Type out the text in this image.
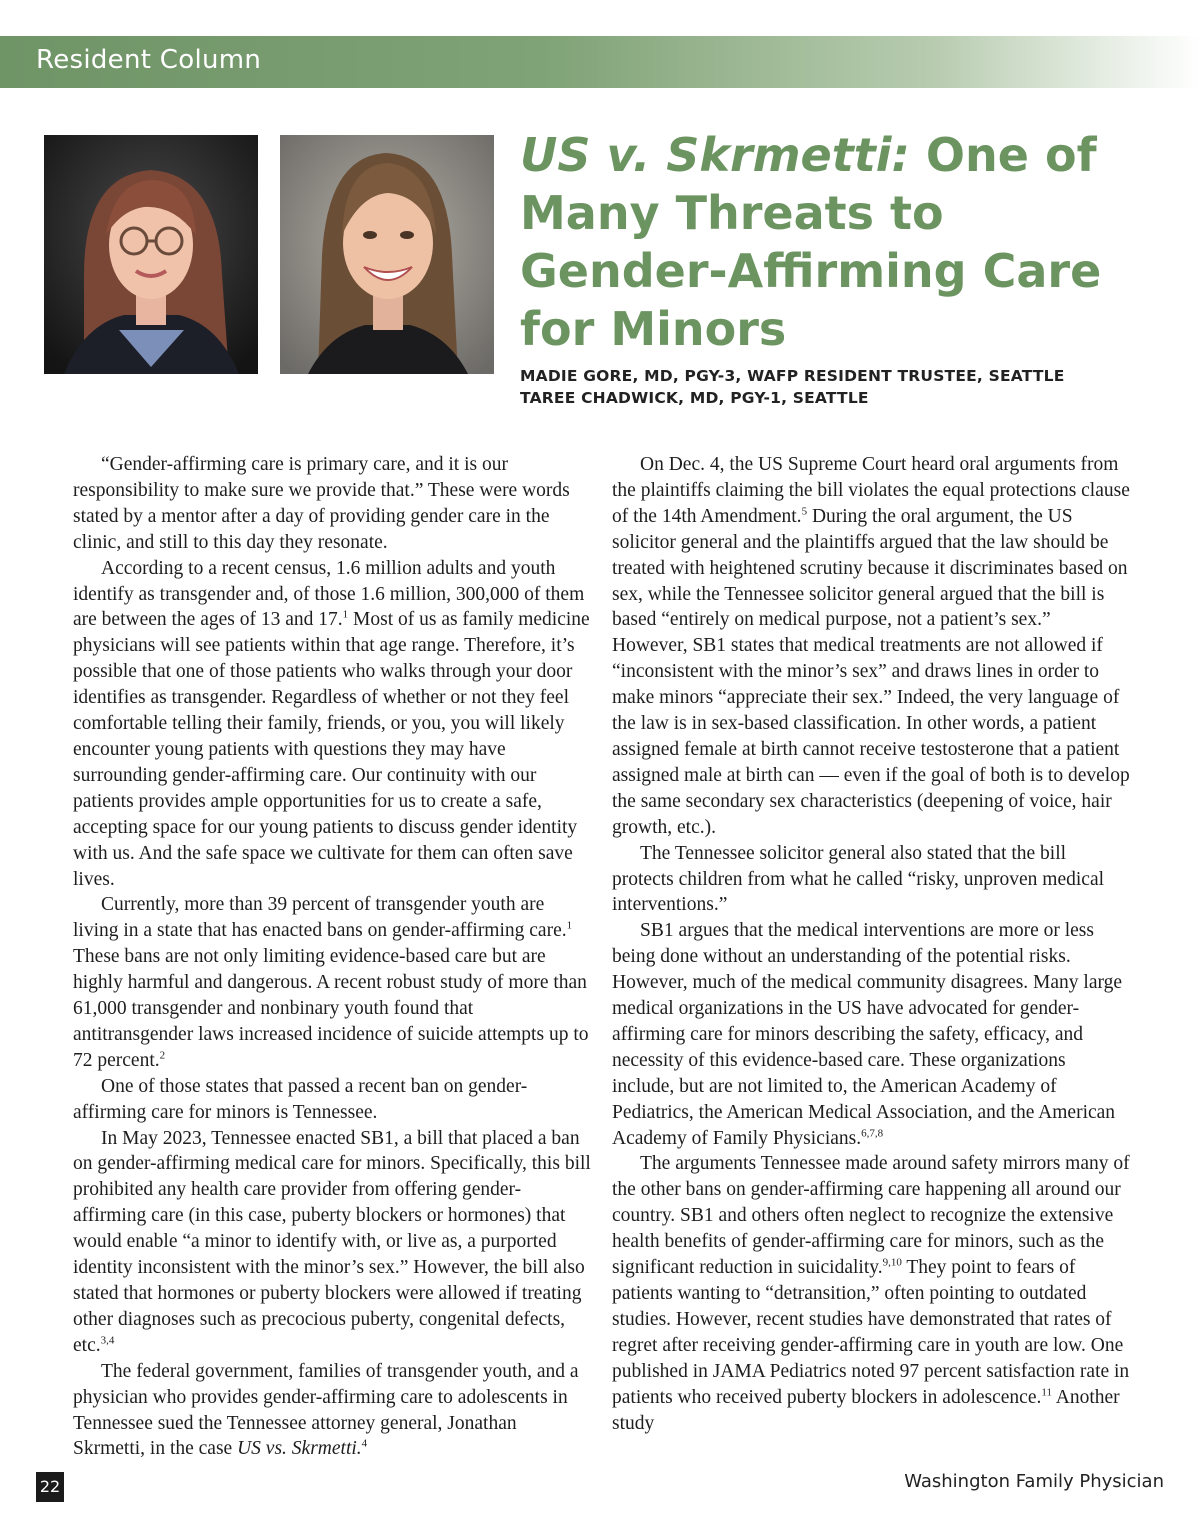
Resident Column
US v. Skrmetti: One of Many Threats to Gender-Affirming Care for Minors
MADIE GORE, MD, PGY-3, WAFP RESIDENT TRUSTEE, SEATTLE
TAREE CHADWICK, MD, PGY-1, SEATTLE

“Gender-affirming care is primary care, and it is our responsibility to make sure we provide that.” These were words stated by a mentor after a day of providing gender care in the clinic, and still to this day they resonate.

According to a recent census, 1.6 million adults and youth identify as transgender and, of those 1.6 million, 300,000 of them are between the ages of 13 and 17.$^1$ Most of us as family medicine physicians will see patients within that age range. Therefore, it’s possible that one of those patients who walks through your door identifies as transgender. Regardless of whether or not they feel comfortable telling their family, friends, or you, you will likely encounter young patients with questions they may have surrounding gender-affirming care. Our continuity with our patients provides ample opportunities for us to create a safe, accepting space for our young patients to discuss gender identity with us. And the safe space we cultivate for them can often save lives.

Currently, more than 39 percent of transgender youth are living in a state that has enacted bans on gender-affirming care.$^1$ These bans are not only limiting evidence-based care but are highly harmful and dangerous. A recent robust study of more than 61,000 transgender and nonbinary youth found that antitransgender laws increased incidence of suicide attempts up to 72 percent.$^2$

One of those states that passed a recent ban on gender-affirming care for minors is Tennessee.

In May 2023, Tennessee enacted SB1, a bill that placed a ban on gender-affirming medical care for minors. Specifically, this bill prohibited any health care provider from offering gender-affirming care (in this case, puberty blockers or hormones) that would enable “a minor to identify with, or live as, a purported identity inconsistent with the minor’s sex.” However, the bill also stated that hormones or puberty blockers were allowed if treating other diagnoses such as precocious puberty, congenital defects, etc.$^{3,4}$

The federal government, families of transgender youth, and a physician who provides gender-affirming care to adolescents in Tennessee sued the Tennessee attorney general, Jonathan Skrmetti, in the case US vs. Skrmetti.$^4$

On Dec. 4, the US Supreme Court heard oral arguments from the plaintiffs claiming the bill violates the equal protections clause of the 14th Amendment.$^5$ During the oral argument, the US solicitor general and the plaintiffs argued that the law should be treated with heightened scrutiny because it discriminates based on sex, while the Tennessee solicitor general argued that the bill is based “entirely on medical purpose, not a patient’s sex.” However, SB1 states that medical treatments are not allowed if “inconsistent with the minor’s sex” and draws lines in order to make minors “appreciate their sex.” Indeed, the very language of the law is in sex-based classification. In other words, a patient assigned female at birth cannot receive testosterone that a patient assigned male at birth can — even if the goal of both is to develop the same secondary sex characteristics (deepening of voice, hair growth, etc.).

The Tennessee solicitor general also stated that the bill protects children from what he called “risky, unproven medical interventions.”

SB1 argues that the medical interventions are more or less being done without an understanding of the potential risks. However, much of the medical community disagrees. Many large medical organizations in the US have advocated for gender-affirming care for minors describing the safety, efficacy, and necessity of this evidence-based care. These organizations include, but are not limited to, the American Academy of Pediatrics, the American Medical Association, and the American Academy of Family Physicians.$^{6,7,8}$

The arguments Tennessee made around safety mirrors many of the other bans on gender-affirming care happening all around our country. SB1 and others often neglect to recognize the extensive health benefits of gender-affirming care for minors, such as the significant reduction in suicidality.$^{9,10}$ They point to fears of patients wanting to “detransition,” often pointing to outdated studies. However, recent studies have demonstrated that rates of regret after receiving gender-affirming care in youth are low. One published in JAMA Pediatrics noted 97 percent satisfaction rate in patients who received puberty blockers in adolescence.$^{11}$ Another study

22	Washington Family Physician
